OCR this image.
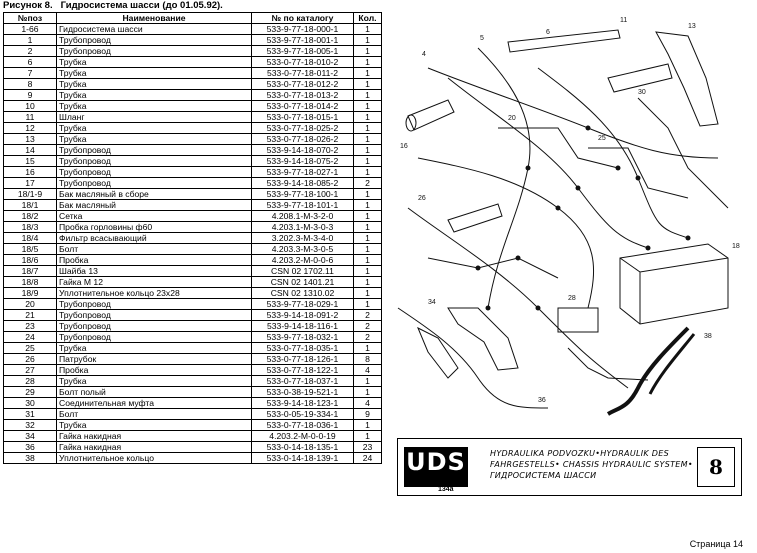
Рисунок 8. Гидросистема шасси (до 01.05.92).
№поз	Наименование	№ по каталогу	Кол.
1-66	Гидросистема шасси	533-9-77-18-000-1	1
1	Трубопровод	533-9-77-18-001-1	1
2	Трубопровод	533-9-77-18-005-1	1
6	Трубка	533-0-77-18-010-2	1
7	Трубка	533-0-77-18-011-2	1
8	Трубка	533-0-77-18-012-2	1
9	Трубка	533-0-77-18-013-2	1
10	Трубка	533-0-77-18-014-2	1
11	Шланг	533-0-77-18-015-1	1
12	Трубка	533-0-77-18-025-2	1
13	Трубка	533-0-77-18-026-2	1
14	Трубопровод	533-9-14-18-070-2	1
15	Трубопровод	533-9-14-18-075-2	1
16	Трубопровод	533-9-77-18-027-1	1
17	Трубопровод	533-9-14-18-085-2	2
18/1-9	Бак масляный в сборе	533-9-77-18-100-1	1
18/1	Бак масляный	533-9-77-18-101-1	1
18/2	Сетка	4.208.1-М-3-2-0	1
18/3	Пробка горловины ф60	4.203.1-М-3-0-3	1
18/4	Фильтр всасывающий	3.202.3-М-3-4-0	1
18/5	Болт	4.203.3-М-3-0-5	1
18/6	Пробка	4.203.2-М-0-0-6	1
18/7	Шайба 13	CSN 02 1702.11	1
18/8	Гайка М 12	CSN 02 1401.21	1
18/9	Уплотнительное кольцо 23х28	CSN 02 1310.02	1
20	Трубопровод	533-9-77-18-029-1	1
21	Трубопровод	533-9-14-18-091-2	2
23	Трубопровод	533-9-14-18-116-1	2
24	Трубопровод	533-9-77-18-032-1	2
25	Трубка	533-0-77-18-035-1	1
26	Патрубок	533-0-77-18-126-1	8
27	Пробка	533-0-77-18-122-1	4
28	Трубка	533-0-77-18-037-1	1
29	Болт полый	533-0-38-19-521-1	1
30	Соединительная муфта	533-9-14-18-123-1	4
31	Болт	533-0-05-19-334-1	9
32	Трубка	533-0-77-18-036-1	1
34	Гайка накидная	4.203.2-М-0-0-19	1
36	Гайка накидная	533-0-14-18-135-1	23
38	Уплотнительное кольцо	533-0-14-18-139-1	24
4
5
6
11
13
16
18
20
25
26
28
30
34
36
38
UDS
134a
HYDRAULIKA PODVOZKU•HYDRAULIK DES
FAHRGESTELLS• CHASSIS HYDRAULIC SYSTEM•
ГИДРОСИСТЕМА ШАССИ	8
Страница 14
